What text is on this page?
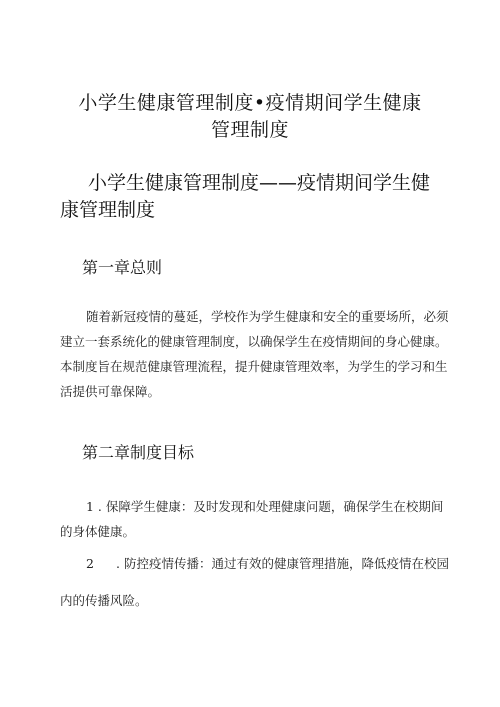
小学生健康管理制度•疫情期间学生健康
管理制度
小学生健康管理制度——疫情期间学生健
康管理制度
第一章总则
随着新冠疫情的蔓延，学校作为学生健康和安全的重要场所，必须
建立一套系统化的健康管理制度，以确保学生在疫情期间的身心健康。
本制度旨在规范健康管理流程，提升健康管理效率，为学生的学习和生
活提供可靠保障。
第二章制度目标
1 . 保障学生健康：及时发现和处理健康问题，确保学生在校期间
的身体健康。
2 . 防控疫情传播：通过有效的健康管理措施，降低疫情在校园
内的传播风险。
